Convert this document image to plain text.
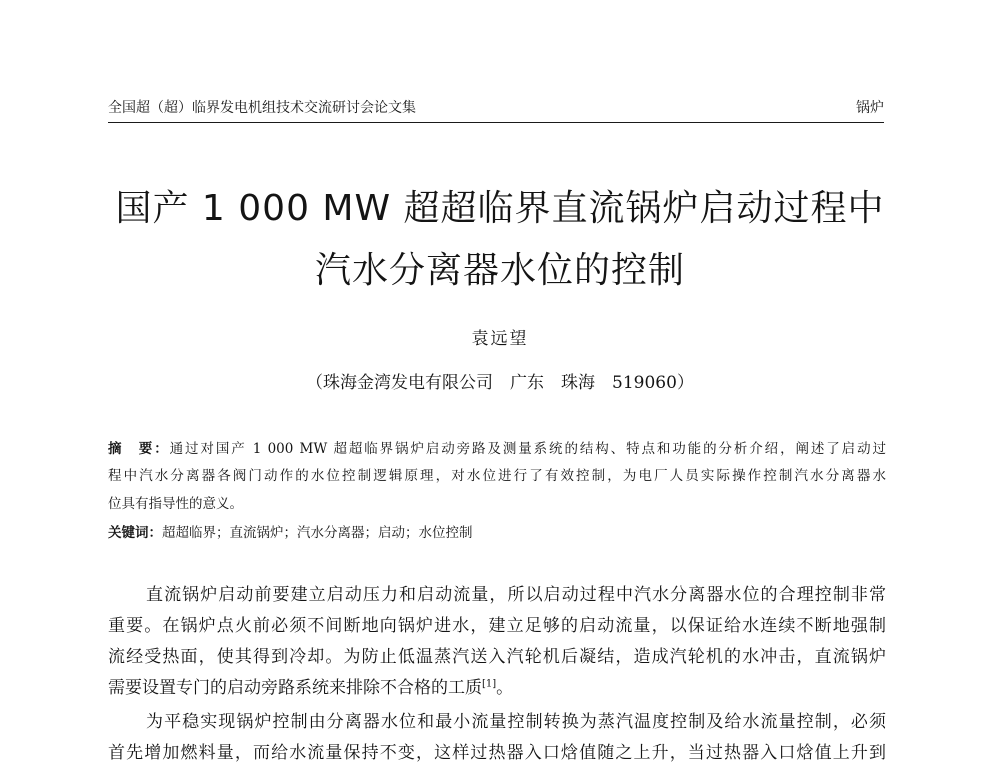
全国超（超）临界发电机组技术交流研讨会论文集	锅炉
国产 1 000 MW 超超临界直流锅炉启动过程中
汽水分离器水位的控制
袁远望
（珠海金湾发电有限公司　广东　珠海　519060）
摘　要：通过对国产 1 000 MW 超超临界锅炉启动旁路及测量系统的结构、特点和功能的分析介绍，阐述了启动过
程中汽水分离器各阀门动作的水位控制逻辑原理，对水位进行了有效控制，为电厂人员实际操作控制汽水分离器水
位具有指导性的意义。
关键词：超超临界；直流锅炉；汽水分离器；启动；水位控制
直流锅炉启动前要建立启动压力和启动流量，所以启动过程中汽水分离器水位的合理控制非常
重要。在锅炉点火前必须不间断地向锅炉进水，建立足够的启动流量，以保证给水连续不断地强制
流经受热面，使其得到冷却。为防止低温蒸汽送入汽轮机后凝结，造成汽轮机的水冲击，直流锅炉
需要设置专门的启动旁路系统来排除不合格的工质[1]。
为平稳实现锅炉控制由分离器水位和最小流量控制转换为蒸汽温度控制及给水流量控制，必须
首先增加燃料量，而给水流量保持不变，这样过热器入口焓值随之上升，当过热器入口焓值上升到
